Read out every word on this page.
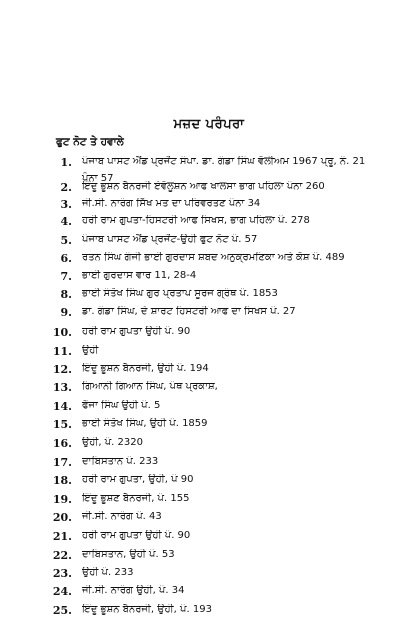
ਮਜ਼ਦ ਪਰੰਪਰਾ
ਫੁਟ ਨੋਟ ਤੇ ਹਵਾਲੇ
1. ਪੰਜਾਬ ਪਾਸਟ ਐਂਡ ਪ੍ਰਜੇਂਟ ਸੰਪਾ. ਡਾ. ਗੰਡਾ ਸਿੰਘ ਵੋਲੀਅਮ 1967 ਪ੍ਰੂ, ਨੰ. 21
ਪੰਨਾ 57
2. ਇੰਦੂ ਭੂਸ਼ਨ ਬੈਨਰਜੀ ਏਵੋਲੂਸ਼ਨ ਆਫ ਖਾਲਸਾ ਭਾਗ ਪਹਿਲਾ ਪੰਨਾ 260
3. ਜੀ.ਸੀ. ਨਾਰੰਗ ਸਿੱਖ ਮਤ ਦਾ ਪਰਿਵਰਤਣ ਪੰਨਾ 34
4. ਹਰੀ ਰਾਮ ਗੁਪਤਾ-ਹਿਸਟਰੀ ਆਫ ਸਿਖਸ, ਭਾਗ ਪਹਿਲਾ ਪੰ. 278
5. ਪੰਜਾਬ ਪਾਸਟ ਐਂਡ ਪ੍ਰਜੇਂਟ-ਉਹੀ ਫੁਟ ਨੋਟ ਪੰ. 57
6. ਰਤਨ ਸਿੰਘ ਗੰਜੀ ਭਾਈ ਗੁਰਦਾਸ ਸ਼ਬਦ ਅਨੁਕ੍ਰਮਣਿਕਾ ਅਤੇ ਕੋਸ਼ ਪੰ. 489
7. ਭਾਈ ਗੁਰਦਾਸ ਵਾਰ 11, 28-4
8. ਭਾਈ ਸੰਤੋਖ ਸਿੰਘ ਗੁਰ ਪ੍ਰਤਾਪ ਸੂਰਜ ਗ੍ਰੰਥ ਪੰ. 1853
9. ਡਾ. ਗੰਡਾ ਸਿੰਘ, ਦੇ ਸ਼ਾਰਟ ਹਿਸਟਰੀ ਆਫ ਦਾ ਸਿਖਸ ਪੰ. 27
10. ਹਰੀ ਰਾਮ ਗੁਪਤਾ ਉਹੀ ਪੰ. 90
11. ਉਹੀ
12. ਇੰਦੂ ਭੂਸ਼ਨ ਬੈਨਰਜੀ, ਉਹੀ ਪੰ. 194
13. ਗਿਆਨੀ ਗਿਆਨ ਸਿੰਘ, ਪੰਥ ਪ੍ਰਕਾਸ਼,
14. ਫੌਜਾ ਸਿੰਘ ਉਹੀ ਪੰ. 5
15. ਭਾਈ ਸੰਤੋਖ ਸਿੰਘ, ਉਹੀ ਪੰ. 1859
16. ਉਹੀ, ਪੰ. 2320
17. ਦਾਬਿਸਤਾਨ ਪੰ. 233
18. ਹਰੀ ਰਾਮ ਗੁਪਤਾ, ਉਹੀ, ਪੰ 90
19. ਇੰਦੂ ਭੂਸ਼ਣ ਬੈਨਰਜੀ, ਪੰ. 155
20. ਜੀ.ਸੀ. ਨਾਰੰਗ ਪੰ. 43
21. ਹਰੀ ਰਾਮ ਗੁਪਤਾ ਉਹੀ ਪੰ. 90
22. ਦਾਬਿਸਤਾਨ, ਉਹੀ ਪੰ. 53
23. ਉਹੀ ਪੰ. 233
24. ਜੀ.ਸੀ. ਨਾਰੰਗ ਉਹੀ, ਪੰ. 34
25. ਇੰਦੂ ਭੂਸ਼ਨ ਬੈਨਰਜੀ, ਉਹੀ, ਪੰ. 193
